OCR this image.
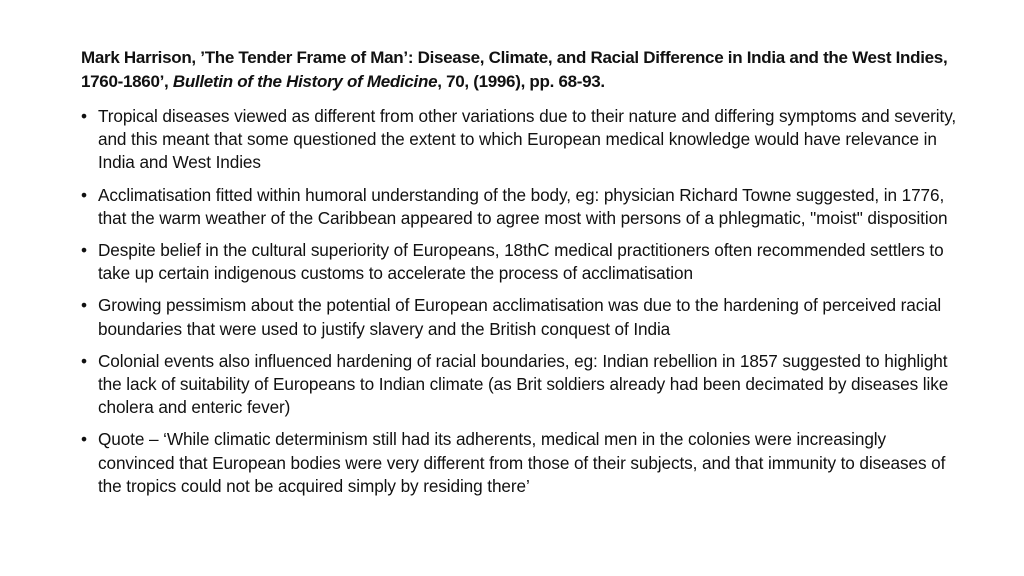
Mark Harrison, ’The Tender Frame of Man’: Disease, Climate, and Racial Difference in India and the West Indies, 1760-1860’, Bulletin of the History of Medicine, 70, (1996), pp. 68-93.
• Tropical diseases viewed as different from other variations due to their nature and differing symptoms and severity, and this meant that some questioned the extent to which European medical knowledge would have relevance in India and West Indies
• Acclimatisation fitted within humoral understanding of the body, eg: physician Richard Towne suggested, in 1776, that the warm weather of the Caribbean appeared to agree most with persons of a phlegmatic, "moist" disposition
• Despite belief in the cultural superiority of Europeans, 18thC medical practitioners often recommended settlers to take up certain indigenous customs to accelerate the process of acclimatisation
• Growing pessimism about the potential of European acclimatisation was due to the hardening of perceived racial boundaries that were used to justify slavery and the British conquest of India
• Colonial events also influenced hardening of racial boundaries, eg: Indian rebellion in 1857 suggested to highlight the lack of suitability of Europeans to Indian climate (as Brit soldiers already had been decimated by diseases like cholera and enteric fever)
• Quote – ‘While climatic determinism still had its adherents, medical men in the colonies were increasingly convinced that European bodies were very different from those of their subjects, and that immunity to diseases of the tropics could not be acquired simply by residing there’
